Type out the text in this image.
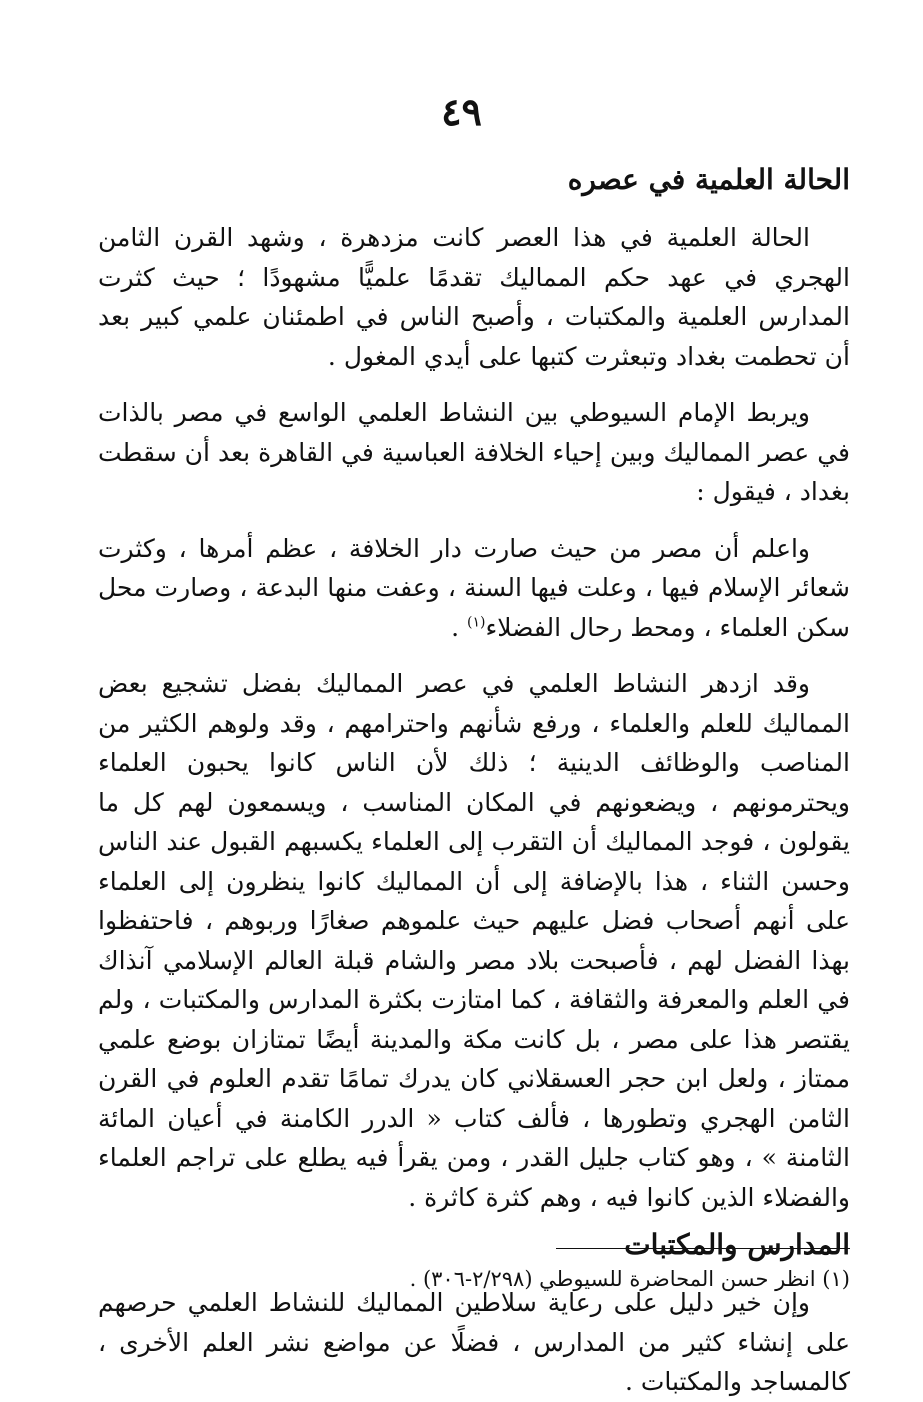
٤٩
الحالة العلمية في عصره

الحالة العلمية في هذا العصر كانت مزدهرة ، وشهد القرن الثامن الهجري في عهد حكم المماليك تقدمًا علميًّا مشهودًا ؛ حيث كثرت المدارس العلمية والمكتبات ، وأصبح الناس في اطمئنان علمي كبير بعد أن تحطمت بغداد وتبعثرت كتبها على أيدي المغول .

ويربط الإمام السيوطي بين النشاط العلمي الواسع في مصر بالذات في عصر المماليك وبين إحياء الخلافة العباسية في القاهرة بعد أن سقطت بغداد ، فيقول :

واعلم أن مصر من حيث صارت دار الخلافة ، عظم أمرها ، وكثرت شعائر الإسلام فيها ، وعلت فيها السنة ، وعفت منها البدعة ، وصارت محل سكن العلماء ، ومحط رحال الفضلاء$^{(١)}$ .

وقد ازدهر النشاط العلمي في عصر المماليك بفضل تشجيع بعض المماليك للعلم والعلماء ، ورفع شأنهم واحترامهم ، وقد ولوهم الكثير من المناصب والوظائف الدينية ؛ ذلك لأن الناس كانوا يحبون العلماء ويحترمونهم ، ويضعونهم في المكان المناسب ، ويسمعون لهم كل ما يقولون ، فوجد المماليك أن التقرب إلى العلماء يكسبهم القبول عند الناس وحسن الثناء ، هذا بالإضافة إلى أن المماليك كانوا ينظرون إلى العلماء على أنهم أصحاب فضل عليهم حيث علموهم صغارًا وربوهم ، فاحتفظوا بهذا الفضل لهم ، فأصبحت بلاد مصر والشام قبلة العالم الإسلامي آنذاك في العلم والمعرفة والثقافة ، كما امتازت بكثرة المدارس والمكتبات ، ولم يقتصر هذا على مصر ، بل كانت مكة والمدينة أيضًا تمتازان بوضع علمي ممتاز ، ولعل ابن حجر العسقلاني كان يدرك تمامًا تقدم العلوم في القرن الثامن الهجري وتطورها ، فألف كتاب « الدرر الكامنة في أعيان المائة الثامنة » ، وهو كتاب جليل القدر ، ومن يقرأ فيه يطلع على تراجم العلماء والفضلاء الذين كانوا فيه ، وهم كثرة كاثرة .

المدارس والمكتبات

وإن خير دليل على رعاية سلاطين المماليك للنشاط العلمي حرصهم على إنشاء كثير من المدارس ، فضلًا عن مواضع نشر العلم الأخرى ، كالمساجد والمكتبات .

(١) انظر حسن المحاضرة للسيوطي (٢/٢٩٨-٣٠٦) .
